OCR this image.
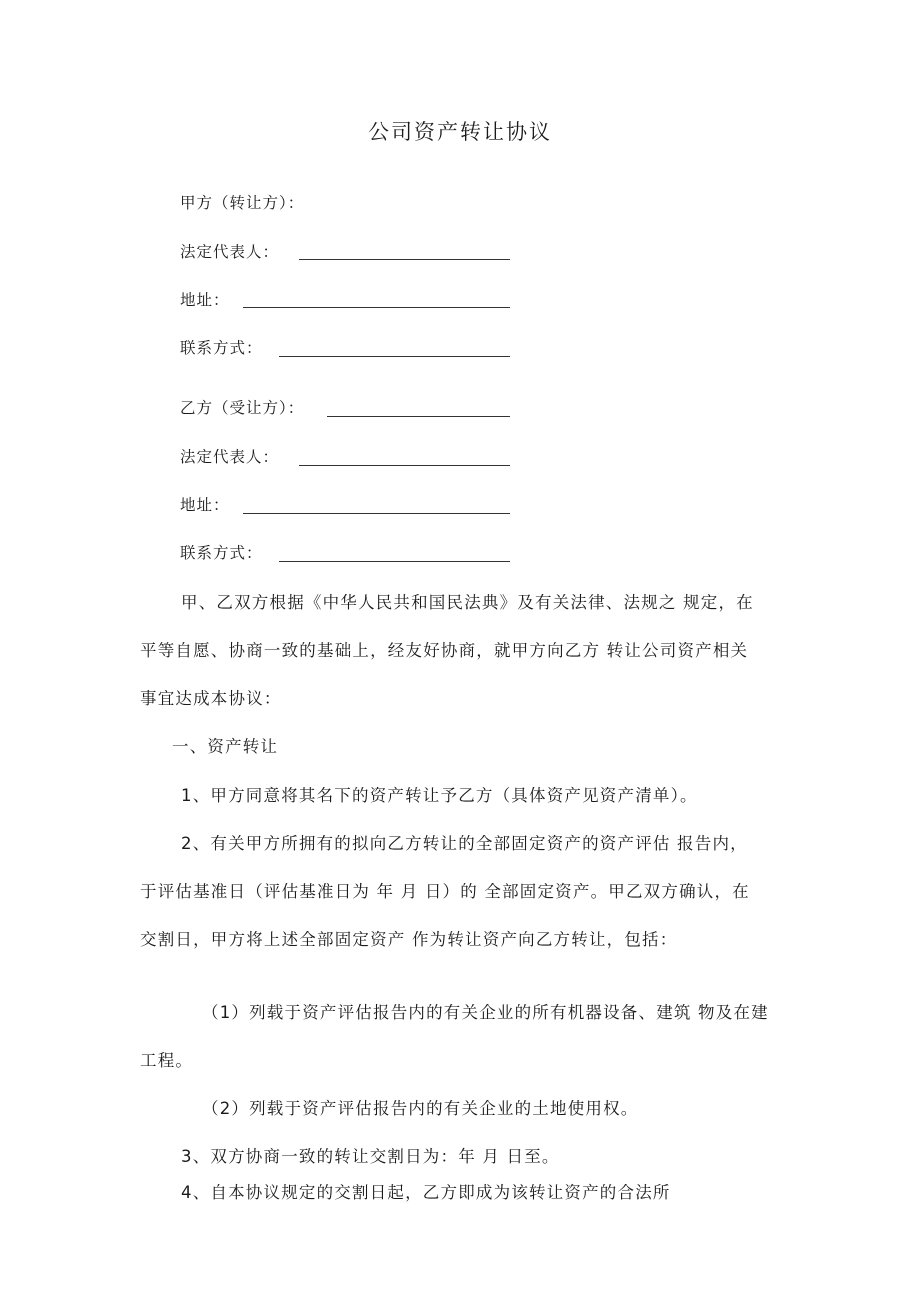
公司资产转让协议
甲方（转让方）：
法定代表人：
地址：
联系方式：
乙方（受让方）：
法定代表人：
地址：
联系方式：
甲、乙双方根据《中华人民共和国民法典》及有关法律、法规之 规定，在
平等自愿、协商一致的基础上，经友好协商，就甲方向乙方 转让公司资产相关
事宜达成本协议：
一、资产转让
1、甲方同意将其名下的资产转让予乙方（具体资产见资产清单）。
2、有关甲方所拥有的拟向乙方转让的全部固定资产的资产评估 报告内，
于评估基准日（评估基准日为 年 月 日）的 全部固定资产。甲乙双方确认，在
交割日，甲方将上述全部固定资产 作为转让资产向乙方转让，包括：
（1）列载于资产评估报告内的有关企业的所有机器设备、建筑 物及在建
工程。
（2）列载于资产评估报告内的有关企业的土地使用权。
3、双方协商一致的转让交割日为：年 月 日至。
4、自本协议规定的交割日起，乙方即成为该转让资产的合法所
